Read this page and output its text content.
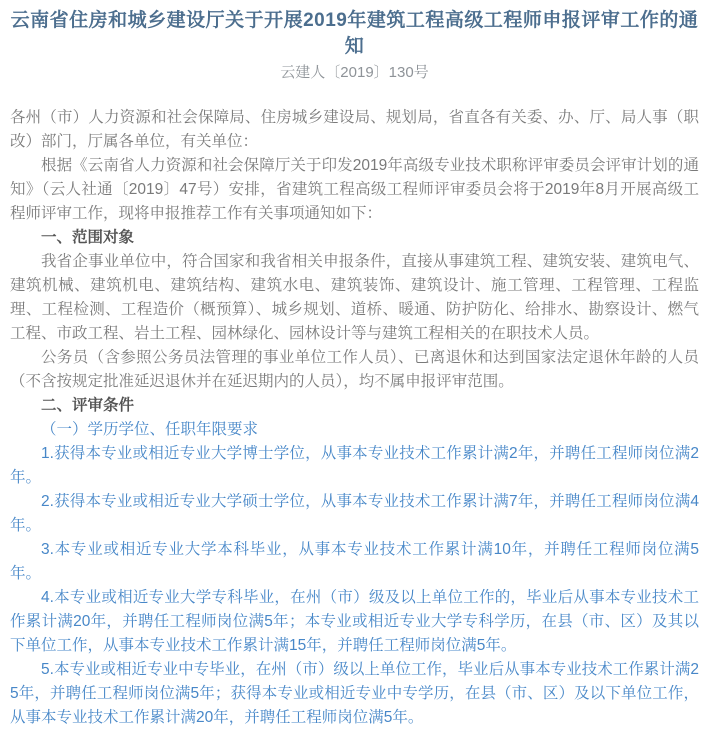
云南省住房和城乡建设厅关于开展2019年建筑工程高级工程师申报评审工作的通知
云建人〔2019〕130号

各州（市）人力资源和社会保障局、住房城乡建设局、规划局，省直各有关委、办、厅、局人事（职改）部门，厅属各单位，有关单位：

根据《云南省人力资源和社会保障厅关于印发2019年高级专业技术职称评审委员会评审计划的通知》（云人社通〔2019〕47号）安排，省建筑工程高级工程师评审委员会将于2019年8月开展高级工程师评审工作，现将申报推荐工作有关事项通知如下：

一、范围对象

我省企事业单位中，符合国家和我省相关申报条件，直接从事建筑工程、建筑安装、建筑电气、建筑机械、建筑机电、建筑结构、建筑水电、建筑装饰、建筑设计、施工管理、工程管理、工程监理、工程检测、工程造价（概预算）、城乡规划、道桥、暖通、防护防化、给排水、勘察设计、燃气工程、市政工程、岩土工程、园林绿化、园林设计等与建筑工程相关的在职技术人员。

公务员（含参照公务员法管理的事业单位工作人员）、已离退休和达到国家法定退休年龄的人员（不含按规定批准延迟退休并在延迟期内的人员），均不属申报评审范围。

二、评审条件

（一）学历学位、任职年限要求

1.获得本专业或相近专业大学博士学位，从事本专业技术工作累计满2年，并聘任工程师岗位满2年。

2.获得本专业或相近专业大学硕士学位，从事本专业技术工作累计满7年，并聘任工程师岗位满4年。

3.本专业或相近专业大学本科毕业，从事本专业技术工作累计满10年，并聘任工程师岗位满5年。

4.本专业或相近专业大学专科毕业，在州（市）级及以上单位工作的，毕业后从事本专业技术工作累计满20年，并聘任工程师岗位满5年；本专业或相近专业大学专科学历，在县（市、区）及其以下单位工作，从事本专业技术工作累计满15年，并聘任工程师岗位满5年。

5.本专业或相近专业中专毕业，在州（市）级以上单位工作，毕业后从事本专业技术工作累计满25年，并聘任工程师岗位满5年；获得本专业或相近专业中专学历，在县（市、区）及以下单位工作，从事本专业技术工作累计满20年，并聘任工程师岗位满5年。
